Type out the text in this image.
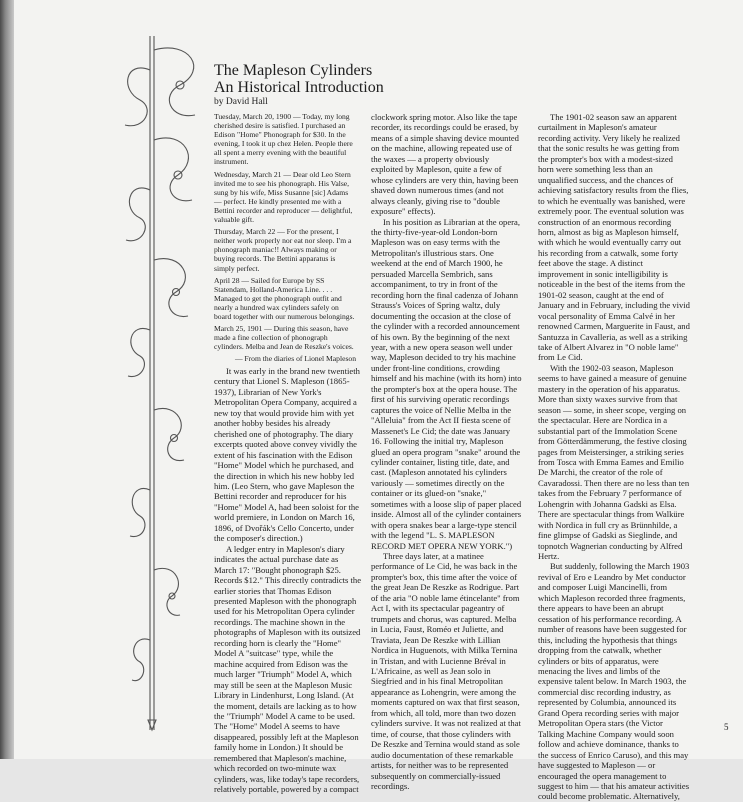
The Mapleson Cylinders
An Historical Introduction
by David Hall

Tuesday, March 20, 1900 — Today, my long cherished desire is satisfied. I purchased an Edison "Home" Phonograph for $30. In the evening, I took it up chez Helen. People there all spent a merry evening with the beautiful instrument.

Wednesday, March 21 — Dear old Leo Stern invited me to see his phonograph. His Valse, sung by his wife, Miss Susanne [sic] Adams — perfect. He kindly presented me with a Bettini recorder and reproducer — delightful, valuable gift.

Thursday, March 22 — For the present, I neither work properly nor eat nor sleep. I'm a phonograph maniac!! Always making or buying records. The Bettini apparatus is simply perfect.

April 28 — Sailed for Europe by SS Statendam, Holland-America Line. . . . Managed to get the phonograph outfit and nearly a hundred wax cylinders safely on board together with our numerous belongings.

March 25, 1901 — During this season, have made a fine collection of phonograph cylinders. Melba and Jean de Reszke's voices.

— From the diaries of Lionel Mapleson

It was early in the brand new twentieth century that Lionel S. Mapleson (1865-1937), Librarian of New York's Metropolitan Opera Company, acquired a new toy that would provide him with yet another hobby besides his already cherished one of photography. The diary excerpts quoted above convey vividly the extent of his fascination with the Edison "Home" Model which he purchased, and the direction in which his new hobby led him. (Leo Stern, who gave Mapleson the Bettini recorder and reproducer for his "Home" Model A, had been soloist for the world premiere, in London on March 16, 1896, of Dvořák's Cello Concerto, under the composer's direction.)

A ledger entry in Mapleson's diary indicates the actual purchase date as March 17: "Bought phonograph $25. Records $12." This directly contradicts the earlier stories that Thomas Edison presented Mapleson with the phonograph used for his Metropolitan Opera cylinder recordings. The machine shown in the photographs of Mapleson with its outsized recording horn is clearly the "Home" Model A "suitcase" type, while the machine acquired from Edison was the much larger "Triumph" Model A, which may still be seen at the Mapleson Music Library in Lindenhurst, Long Island. (At the moment, details are lacking as to how the "Triumph" Model A came to be used. The "Home" Model A seems to have disappeared, possibly left at the Mapleson family home in London.) It should be remembered that Mapleson's machine, which recorded on two-minute wax cylinders, was, like today's tape recorders, relatively portable, powered by a compact

clockwork spring motor. Also like the tape recorder, its recordings could be erased, by means of a simple shaving device mounted on the machine, allowing repeated use of the waxes — a property obviously exploited by Mapleson, quite a few of whose cylinders are very thin, having been shaved down numerous times (and not always cleanly, giving rise to "double exposure" effects).

In his position as Librarian at the opera, the thirty-five-year-old London-born Mapleson was on easy terms with the Metropolitan's illustrious stars. One weekend at the end of March 1900, he persuaded Marcella Sembrich, sans accompaniment, to try in front of the recording horn the final cadenza of Johann Strauss's Voices of Spring waltz, duly documenting the occasion at the close of the cylinder with a recorded announcement of his own. By the beginning of the next year, with a new opera season well under way, Mapleson decided to try his machine under front-line conditions, crowding himself and his machine (with its horn) into the prompter's box at the opera house. The first of his surviving operatic recordings captures the voice of Nellie Melba in the "Alleluia" from the Act II fiesta scene of Massenet's Le Cid; the date was January 16. Following the initial try, Mapleson glued an opera program "snake" around the cylinder container, listing title, date, and cast. (Mapleson annotated his cylinders variously — sometimes directly on the container or its glued-on "snake," sometimes with a loose slip of paper placed inside. Almost all of the cylinder containers with opera snakes bear a large-type stencil with the legend "L. S. MAPLESON RECORD MET OPERA NEW YORK.")

Three days later, at a matinee performance of Le Cid, he was back in the prompter's box, this time after the voice of the great Jean De Reszke as Rodrigue. Part of the aria "O noble lame étincelante" from Act I, with its spectacular pageantry of trumpets and chorus, was captured. Melba in Lucia, Faust, Roméo et Juliette, and Traviata, Jean De Reszke with Lillian Nordica in Huguenots, with Milka Ternina in Tristan, and with Lucienne Bréval in L'Africaine, as well as Jean solo in Siegfried and in his final Metropolitan appearance as Lohengrin, were among the moments captured on wax that first season, from which, all told, more than two dozen cylinders survive. It was not realized at that time, of course, that those cylinders with De Reszke and Ternina would stand as sole audio documentation of these remarkable artists, for neither was to be represented subsequently on commercially-issued recordings.

The 1901-02 season saw an apparent curtailment in Mapleson's amateur recording activity. Very likely he realized that the sonic results he was getting from the prompter's box with a modest-sized horn were something less than an unqualified success, and the chances of achieving satisfactory results from the flies, to which he eventually was banished, were extremely poor. The eventual solution was construction of an enormous recording horn, almost as big as Mapleson himself, with which he would eventually carry out his recording from a catwalk, some forty feet above the stage. A distinct improvement in sonic intelligibility is noticeable in the best of the items from the 1901-02 season, caught at the end of January and in February, including the vivid vocal personality of Emma Calvé in her renowned Carmen, Marguerite in Faust, and Santuzza in Cavalleria, as well as a striking take of Albert Alvarez in "O noble lame" from Le Cid.

With the 1902-03 season, Mapleson seems to have gained a measure of genuine mastery in the operation of his apparatus. More than sixty waxes survive from that season — some, in sheer scope, verging on the spectacular. Here are Nordica in a substantial part of the Immolation Scene from Götterdämmerung, the festive closing pages from Meistersinger, a striking series from Tosca with Emma Eames and Emilio De Marchi, the creator of the role of Cavaradossi. Then there are no less than ten takes from the February 7 performance of Lohengrin with Johanna Gadski as Elsa. There are spectacular things from Walküre with Nordica in full cry as Brünnhilde, a fine glimpse of Gadski as Sieglinde, and topnotch Wagnerian conducting by Alfred Hertz.

But suddenly, following the March 1903 revival of Ero e Leandro by Met conductor and composer Luigi Mancinelli, from which Mapleson recorded three fragments, there appears to have been an abrupt cessation of his performance recording. A number of reasons have been suggested for this, including the hypothesis that things dropping from the catwalk, whether cylinders or bits of apparatus, were menacing the lives and limbs of the expensive talent below. In March 1903, the commercial disc recording industry, as represented by Columbia, announced its Grand Opera recording series with major Metropolitan Opera stars (the Victor Talking Machine Company would soon follow and achieve dominance, thanks to the success of Enrico Caruso), and this may have suggested to Mapleson — or encouraged the opera management to suggest to him — that his amateur activities could become problematic. Alternatively,

5
